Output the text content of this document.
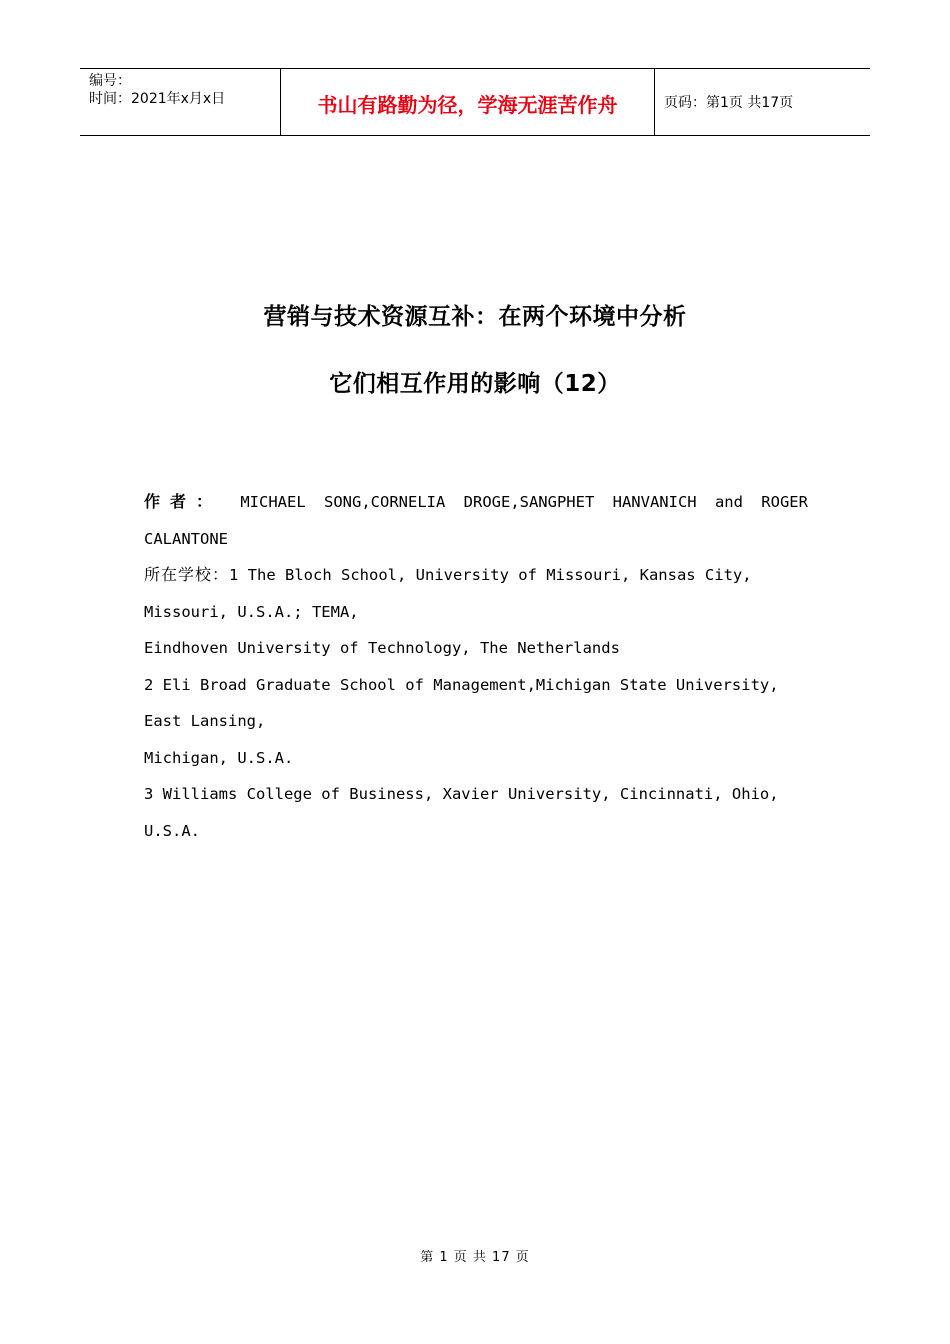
编号：
时间：2021年x月x日	书山有路勤为径，学海无涯苦作舟	页码：第1页 共17页
营销与技术资源互补：在两个环境中分析
它们相互作用的影响（12）
作者： MICHAEL SONG,CORNELIA DROGE,SANGPHET HANVANICH and ROGER
CALANTONE
所在学校：1 The Bloch School, University of Missouri, Kansas City,
Missouri, U.S.A.; TEMA,
Eindhoven University of Technology, The Netherlands
2 Eli Broad Graduate School of Management,Michigan State University,
East Lansing,
Michigan, U.S.A.
3 Williams College of Business, Xavier University, Cincinnati, Ohio,
U.S.A.
第 1 页 共 17 页
